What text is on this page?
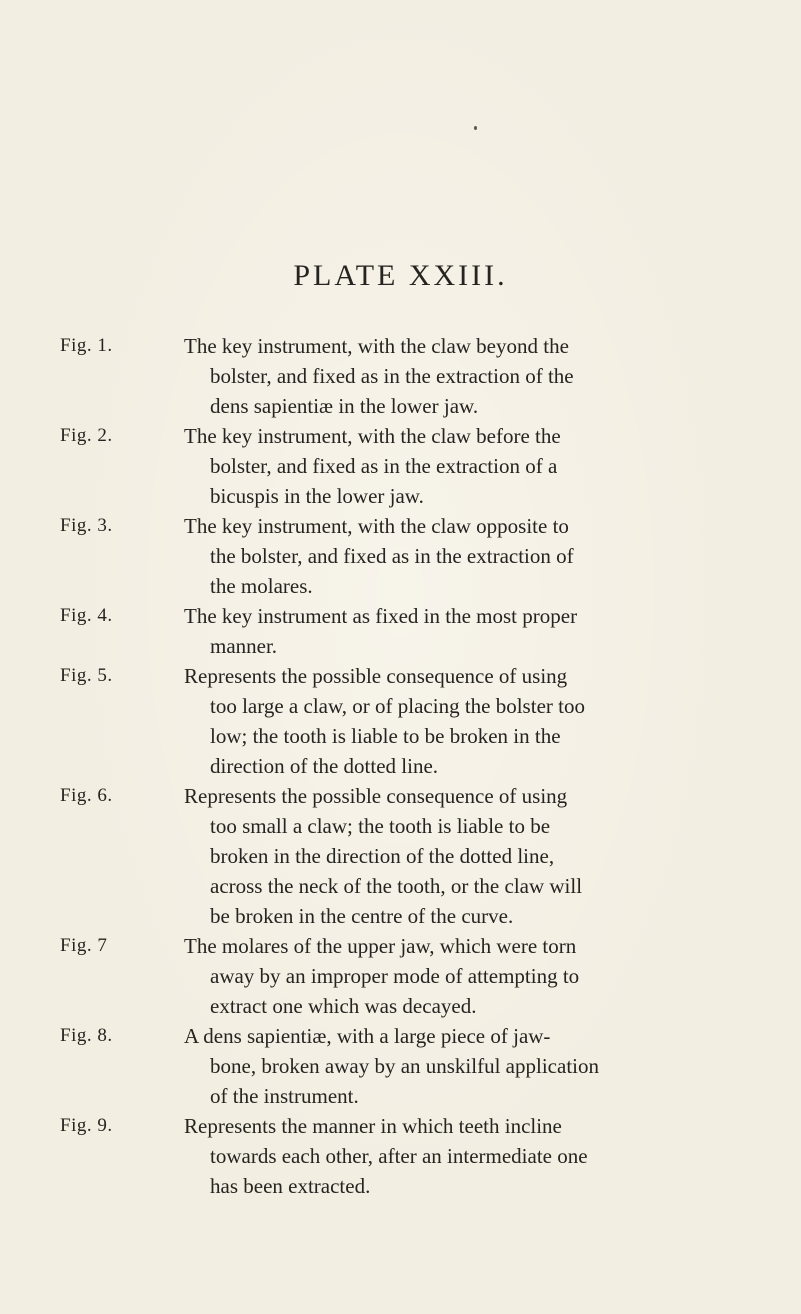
PLATE XXIII.
Fig. 1.	The key instrument, with the claw beyond the
bolster, and fixed as in the extraction of the
dens sapientiæ in the lower jaw.
Fig. 2.	The key instrument, with the claw before the
bolster, and fixed as in the extraction of a
bicuspis in the lower jaw.
Fig. 3.	The key instrument, with the claw opposite to
the bolster, and fixed as in the extraction of
the molares.
Fig. 4.	The key instrument as fixed in the most proper
manner.
Fig. 5.	Represents the possible consequence of using
too large a claw, or of placing the bolster too
low; the tooth is liable to be broken in the
direction of the dotted line.
Fig. 6.	Represents the possible consequence of using
too small a claw; the tooth is liable to be
broken in the direction of the dotted line,
across the neck of the tooth, or the claw will
be broken in the centre of the curve.
Fig. 7	The molares of the upper jaw, which were torn
away by an improper mode of attempting to
extract one which was decayed.
Fig. 8.	A dens sapientiæ, with a large piece of jaw-
bone, broken away by an unskilful application
of the instrument.
Fig. 9.	Represents the manner in which teeth incline
towards each other, after an intermediate one
has been extracted.
